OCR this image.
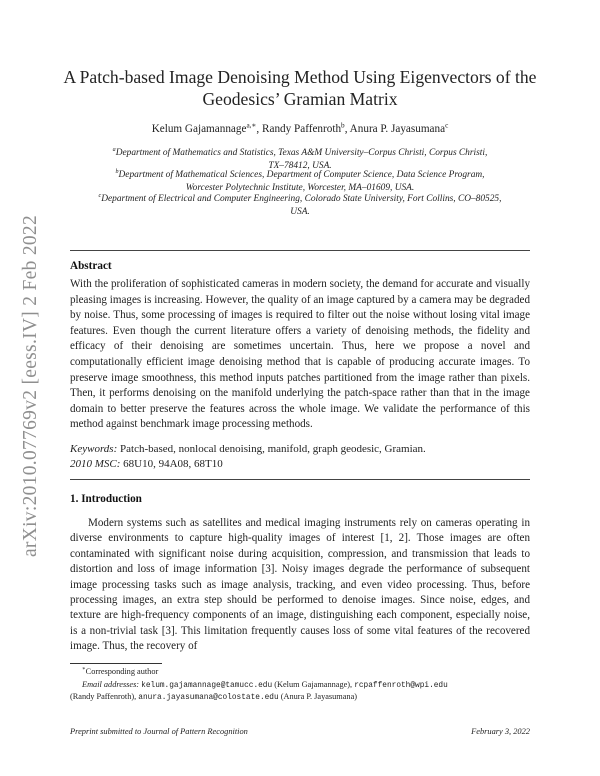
arXiv:2010.07769v2 [eess.IV] 2 Feb 2022
A Patch-based Image Denoising Method Using Eigenvectors of the
Geodesics’ Gramian Matrix
Kelum Gajamannage$^{a,∗}$, Randy Paffenroth$^b$, Anura P. Jayasumana$^c$
$^a$Department of Mathematics and Statistics, Texas A&M University–Corpus Christi, Corpus Christi,
TX–78412, USA.
$^b$Department of Mathematical Sciences, Department of Computer Science, Data Science Program,
Worcester Polytechnic Institute, Worcester, MA–01609, USA.
$^c$Department of Electrical and Computer Engineering, Colorado State University, Fort Collins, CO–80525,
USA.
Abstract
With the proliferation of sophisticated cameras in modern society, the demand for accurate and visually pleasing images is increasing. However, the quality of an image captured by a camera may be degraded by noise. Thus, some processing of images is required to filter out the noise without losing vital image features. Even though the current literature offers a variety of denoising methods, the fidelity and efficacy of their denoising are sometimes uncertain. Thus, here we propose a novel and computationally efficient image denoising method that is capable of producing accurate images. To preserve image smoothness, this method inputs patches partitioned from the image rather than pixels. Then, it performs denoising on the manifold underlying the patch-space rather than that in the image domain to better preserve the features across the whole image. We validate the performance of this method against benchmark image processing methods.
Keywords: Patch-based, nonlocal denoising, manifold, graph geodesic, Gramian.
2010 MSC: 68U10, 94A08, 68T10
1. Introduction
Modern systems such as satellites and medical imaging instruments rely on cameras operating in diverse environments to capture high-quality images of interest [1, 2]. Those images are often contaminated with significant noise during acquisition, compression, and transmission that leads to distortion and loss of image information [3]. Noisy images degrade the performance of subsequent image processing tasks such as image analysis, tracking, and even video processing. Thus, before processing images, an extra step should be performed to denoise images. Since noise, edges, and texture are high-frequency components of an image, distinguishing each component, especially noise, is a non-trivial task [3]. This limitation frequently causes loss of some vital features of the recovered image. Thus, the recovery of
∗Corresponding author
Email addresses: kelum.gajamannage@tamucc.edu (Kelum Gajamannage), rcpaffenroth@wpi.edu
(Randy Paffenroth), anura.jayasumana@colostate.edu (Anura P. Jayasumana)
Preprint submitted to Journal of Pattern Recognition	February 3, 2022
